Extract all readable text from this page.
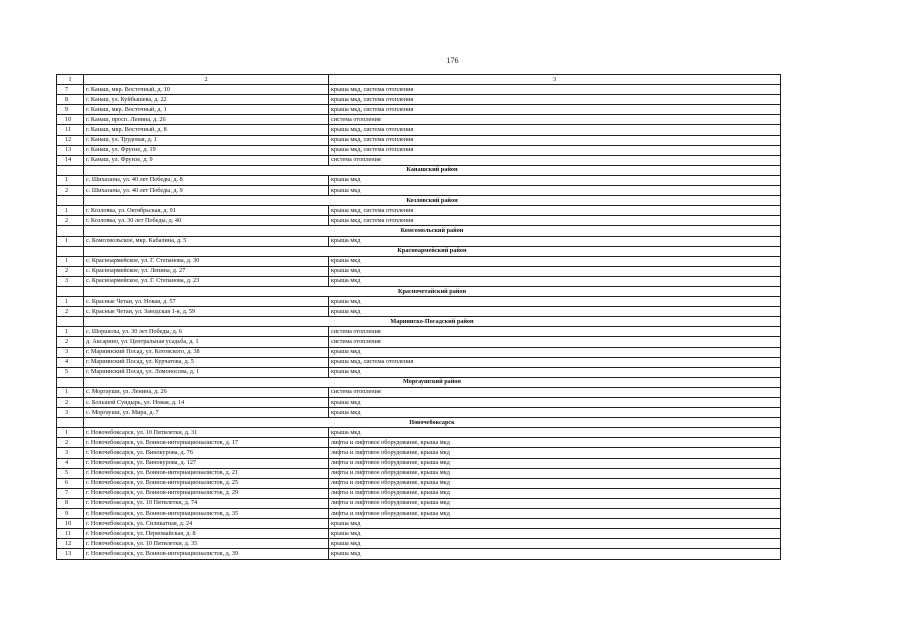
176
1	2	3
7	г. Канаш, мкр. Восточный, д. 10	крыша мкд, система отопления
8	г. Канаш, ул. Куйбышева, д. 22	крыша мкд, система отопления
9	г. Канаш, мкр. Восточный, д. 1	крыша мкд, система отопления
10	г. Канаш, просп. Ленина, д. 26	система отопления
11	г. Канаш, мкр. Восточный, д. 8	крыша мкд, система отопления
12	г. Канаш, ул. Трудовая, д. 1	крыша мкд, система отопления
13	г. Канаш, ул. Фрунзе, д. 19	крыша мкд, система отопления
14	г. Канаш, ул. Фрунзе, д. 9	система отопления
	Канашский район	
1	с. Шихазаны, ул. 40 лет Победы, д. 8	крыша мкд
2	с. Шихазаны, ул. 40 лет Победы, д. 9	крыша мкд
	Козловский район	
1	г. Козловка, ул. Октябрьская, д. 91	крыша мкд, система отопления
2	г. Козловка, ул. 30 лет Победы, д. 40	крыша мкд, система отопления
	Комсомольский район	
1	с. Комсомольское, мкр. Кабалина, д. 5	крыша мкд
	Красноармейский район	
1	с. Красноармейское, ул. Г. Степанова, д. 30	крыша мкд
2	с. Красноармейское, ул. Ленина, д. 27	крыша мкд
3	с. Красноармейское, ул. Г. Степанова, д. 23	крыша мкд
	Красночетайский район	
1	с. Красные Четаи, ул. Новая, д. 57	крыша мкд
2	с. Красные Четаи, ул. Заводская 1-я, д. 59	крыша мкд
	Мариинско-Посадский район	
1	с. Шоршелы, ул. 30 лет Победы, д. 6	система отопления
2	д. Аксарино, ул. Центральная усадьба, д. 1	система отопления
3	г. Мариинский Посад, ул. Котовского, д. 38	крыша мкд
4	г. Мариинский Посад, ул. Курчатова, д. 5	крыша мкд, система отопления
5	г. Мариинский Посад, ул. Ломоносова, д. 1	крыша мкд
	Моргаушский район	
1	с. Моргауши, ул. Ленина, д. 26	система отопления
2	с. Большой Сундырь, ул. Новая, д. 14	крыша мкд
3	с. Моргауши, ул. Мира, д. 7	крыша мкд
	Новочебоксарск	
1	г. Новочебоксарск, ул. 10 Пятилетки, д. 31	крыша мкд
2	г. Новочебоксарск, ул. Воинов-интернационалистов, д. 17	лифты и лифтовое оборудование, крыша мкд
3	г. Новочебоксарск, ул. Винокурова, д. 76	лифты и лифтовое оборудование, крыша мкд
4	г. Новочебоксарск, ул. Винокурова, д. 127	лифты и лифтовое оборудование, крыша мкд
5	г. Новочебоксарск, ул. Воинов-интернационалистов, д. 21	лифты и лифтовое оборудование, крыша мкд
6	г. Новочебоксарск, ул. Воинов-интернационалистов, д. 25	лифты и лифтовое оборудование, крыша мкд
7	г. Новочебоксарск, ул. Воинов-интернационалистов, д. 29	лифты и лифтовое оборудование, крыша мкд
8	г. Новочебоксарск, ул. 10 Пятилетки, д. 74	лифты и лифтовое оборудование, крыша мкд
9	г. Новочебоксарск, ул. Воинов-интернационалистов, д. 35	лифты и лифтовое оборудование, крыша мкд
10	г. Новочебоксарск, ул. Силикатная, д. 24	крыша мкд
11	г. Новочебоксарск, ул. Первомайская, д. 8	крыша мкд
12	г. Новочебоксарск, ул. 10 Пятилетки, д. 35	крыша мкд
13	г. Новочебоксарск, ул. Воинов-интернационалистов, д. 39	крыша мкд
